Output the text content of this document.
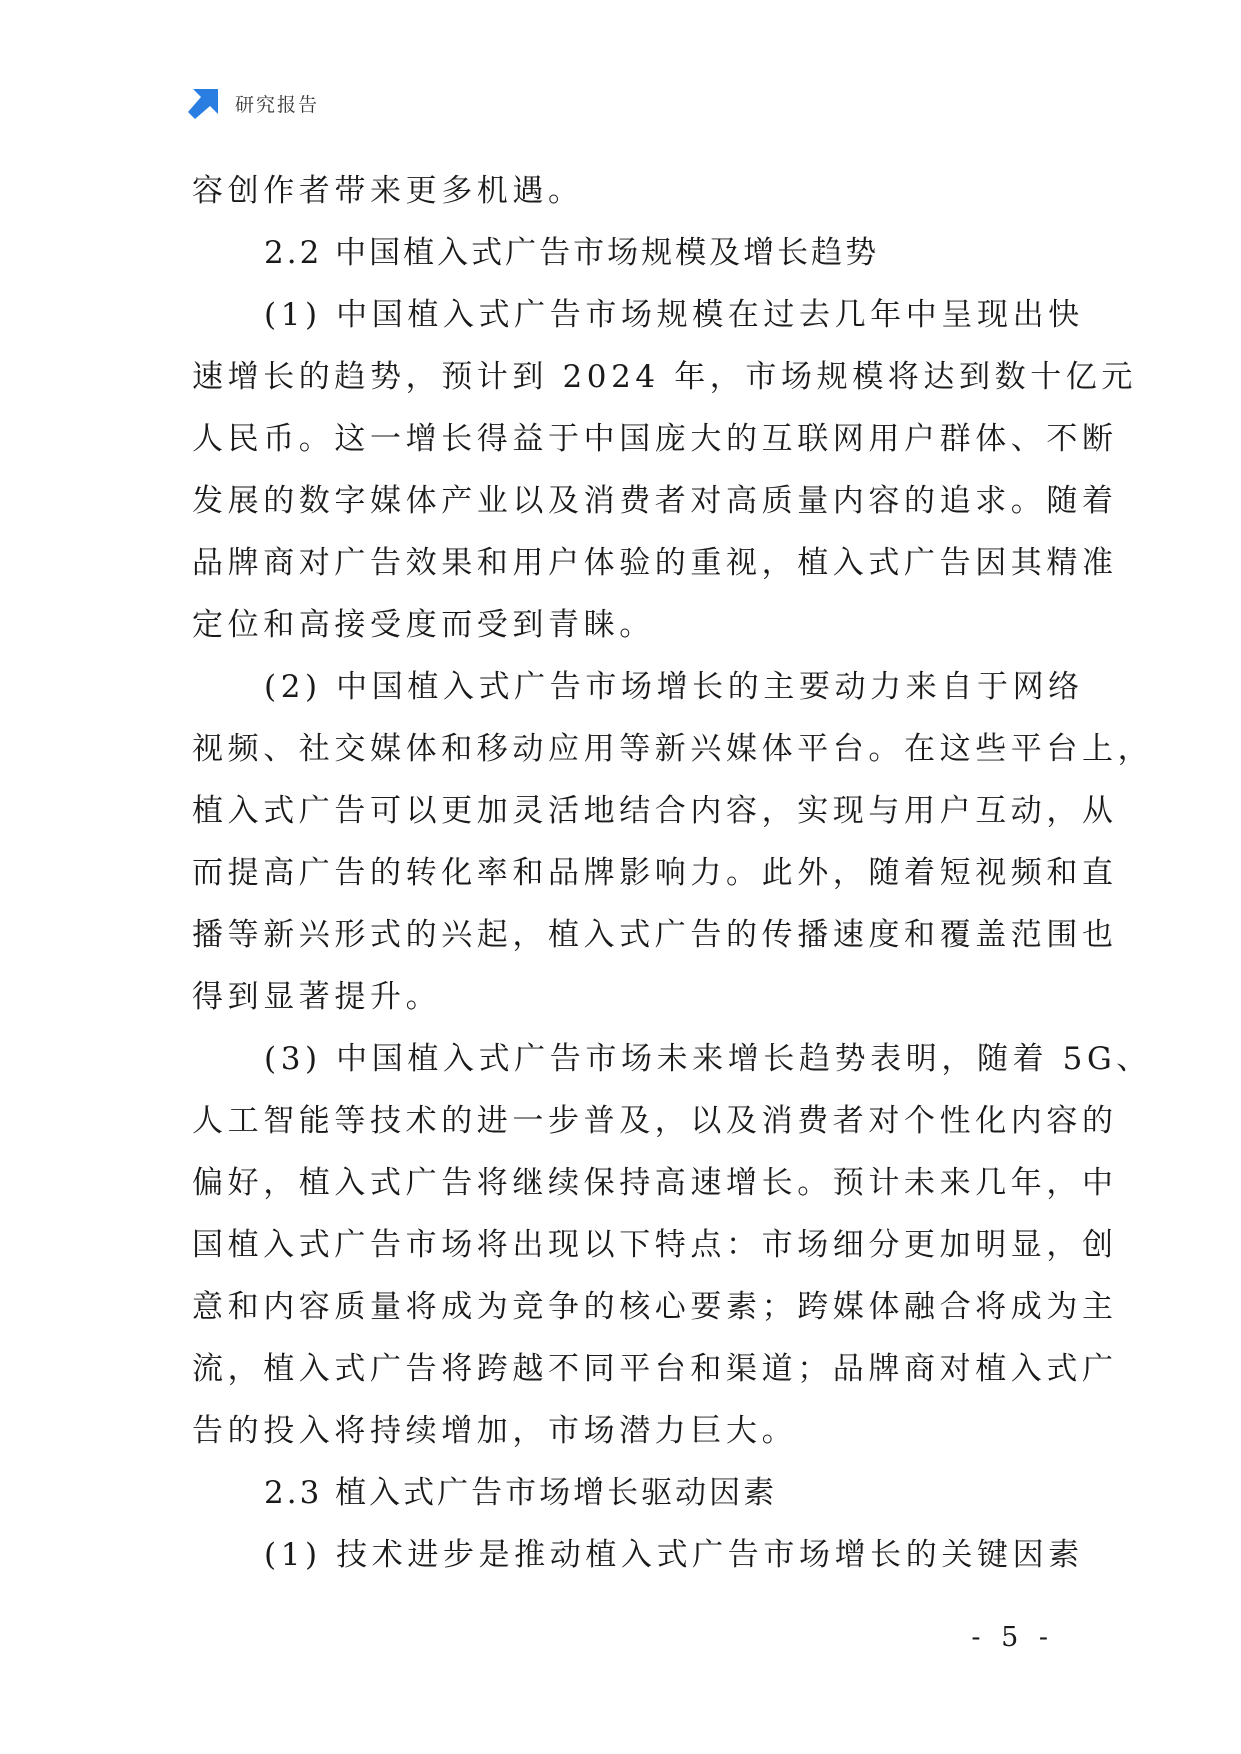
研究报告
容创作者带来更多机遇。
2.2 中国植入式广告市场规模及增长趋势
(1) 中国植入式广告市场规模在过去几年中呈现出快
速增长的趋势，预计到 2024 年，市场规模将达到数十亿元
人民币。这一增长得益于中国庞大的互联网用户群体、不断
发展的数字媒体产业以及消费者对高质量内容的追求。随着
品牌商对广告效果和用户体验的重视，植入式广告因其精准
定位和高接受度而受到青睐。
(2) 中国植入式广告市场增长的主要动力来自于网络
视频、社交媒体和移动应用等新兴媒体平台。在这些平台上，
植入式广告可以更加灵活地结合内容，实现与用户互动，从
而提高广告的转化率和品牌影响力。此外，随着短视频和直
播等新兴形式的兴起，植入式广告的传播速度和覆盖范围也
得到显著提升。
(3) 中国植入式广告市场未来增长趋势表明，随着 5G、
人工智能等技术的进一步普及，以及消费者对个性化内容的
偏好，植入式广告将继续保持高速增长。预计未来几年，中
国植入式广告市场将出现以下特点：市场细分更加明显，创
意和内容质量将成为竞争的核心要素；跨媒体融合将成为主
流，植入式广告将跨越不同平台和渠道；品牌商对植入式广
告的投入将持续增加，市场潜力巨大。
2.3 植入式广告市场增长驱动因素
(1) 技术进步是推动植入式广告市场增长的关键因素
- 5 -
